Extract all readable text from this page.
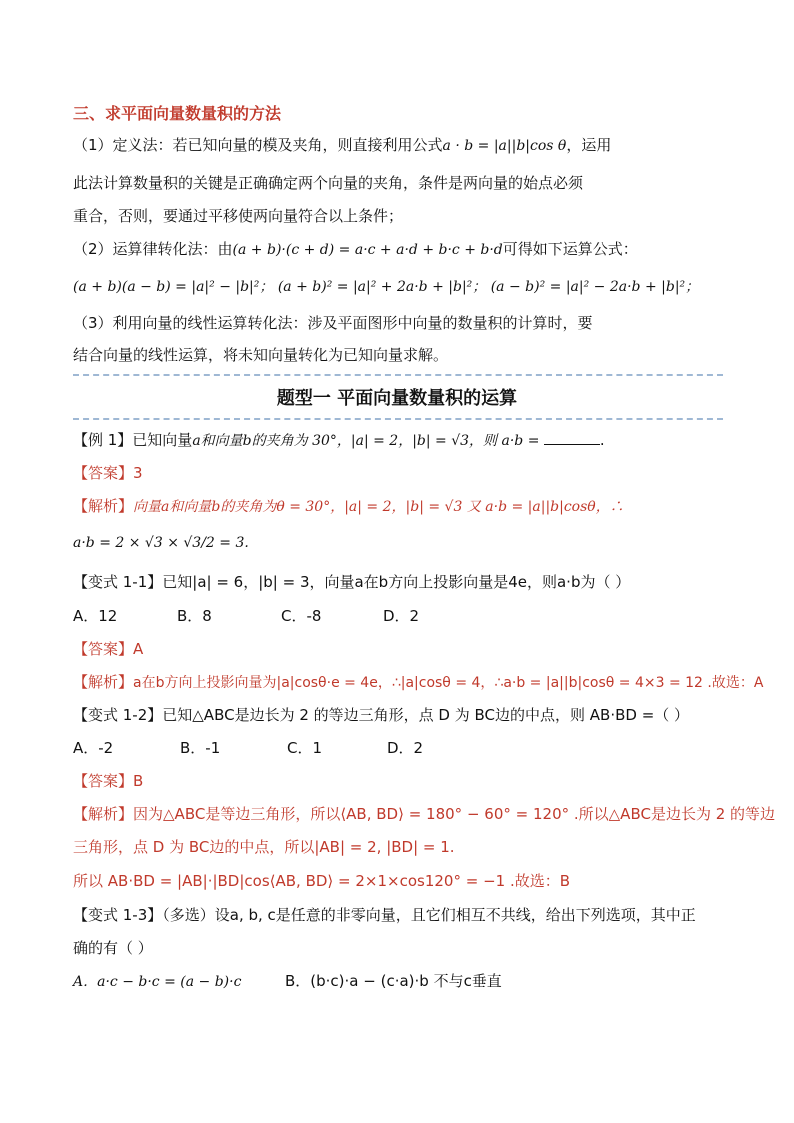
三、求平面向量数量积的方法
（1）定义法：若已知向量的模及夹角，则直接利用公式a · b = |a||b|cos θ，运用
此法计算数量积的关键是正确确定两个向量的夹角，条件是两向量的始点必须
重合，否则，要通过平移使两向量符合以上条件；
（2）运算律转化法：由(a + b)·(c + d) = a·c + a·d + b·c + b·d可得如下运算公式：
(a + b)(a − b) = |a|² − |b|²； (a + b)² = |a|² + 2a·b + |b|²； (a − b)² = |a|² − 2a·b + |b|²；
（3）利用向量的线性运算转化法：涉及平面图形中向量的数量积的计算时，要
结合向量的线性运算，将未知向量转化为已知向量求解。
题型一 平面向量数量积的运算
【例 1】已知向量a和向量b的夹角为 30°，|a| = 2，|b| = √3，则 a·b =	.
【答案】3
【解析】向量a和向量b的夹角为θ = 30°，|a| = 2，|b| = √3 又 a·b = |a||b|cosθ，∴
a·b = 2 × √3 × √3/2 = 3.
【变式 1-1】已知|a| = 6，|b| = 3，向量a在b方向上投影向量是4e，则a·b为（ ）
A．12	B．8	C．-8	D．2
【答案】A
【解析】a在b方向上投影向量为|a|cosθ·e = 4e，∴|a|cosθ = 4，∴a·b = |a||b|cosθ = 4×3 = 12 .故选：A
【变式 1-2】已知△ABC是边长为 2 的等边三角形，点 D 为 BC边的中点，则 AB·BD =（ ）
A．-2	B．-1	C．1	D．2
【答案】B
【解析】因为△ABC是等边三角形，所以⟨AB, BD⟩ = 180° − 60° = 120° .所以△ABC是边长为 2 的等边
三角形，点 D 为 BC边的中点，所以|AB| = 2, |BD| = 1.
所以 AB·BD = |AB|·|BD|cos⟨AB, BD⟩ = 2×1×cos120° = −1 .故选：B
【变式 1-3】（多选）设a, b, c是任意的非零向量，且它们相互不共线，给出下列选项，其中正
确的有（ ）
A．a·c − b·c = (a − b)·c	B．(b·c)·a − (c·a)·b 不与c垂直
